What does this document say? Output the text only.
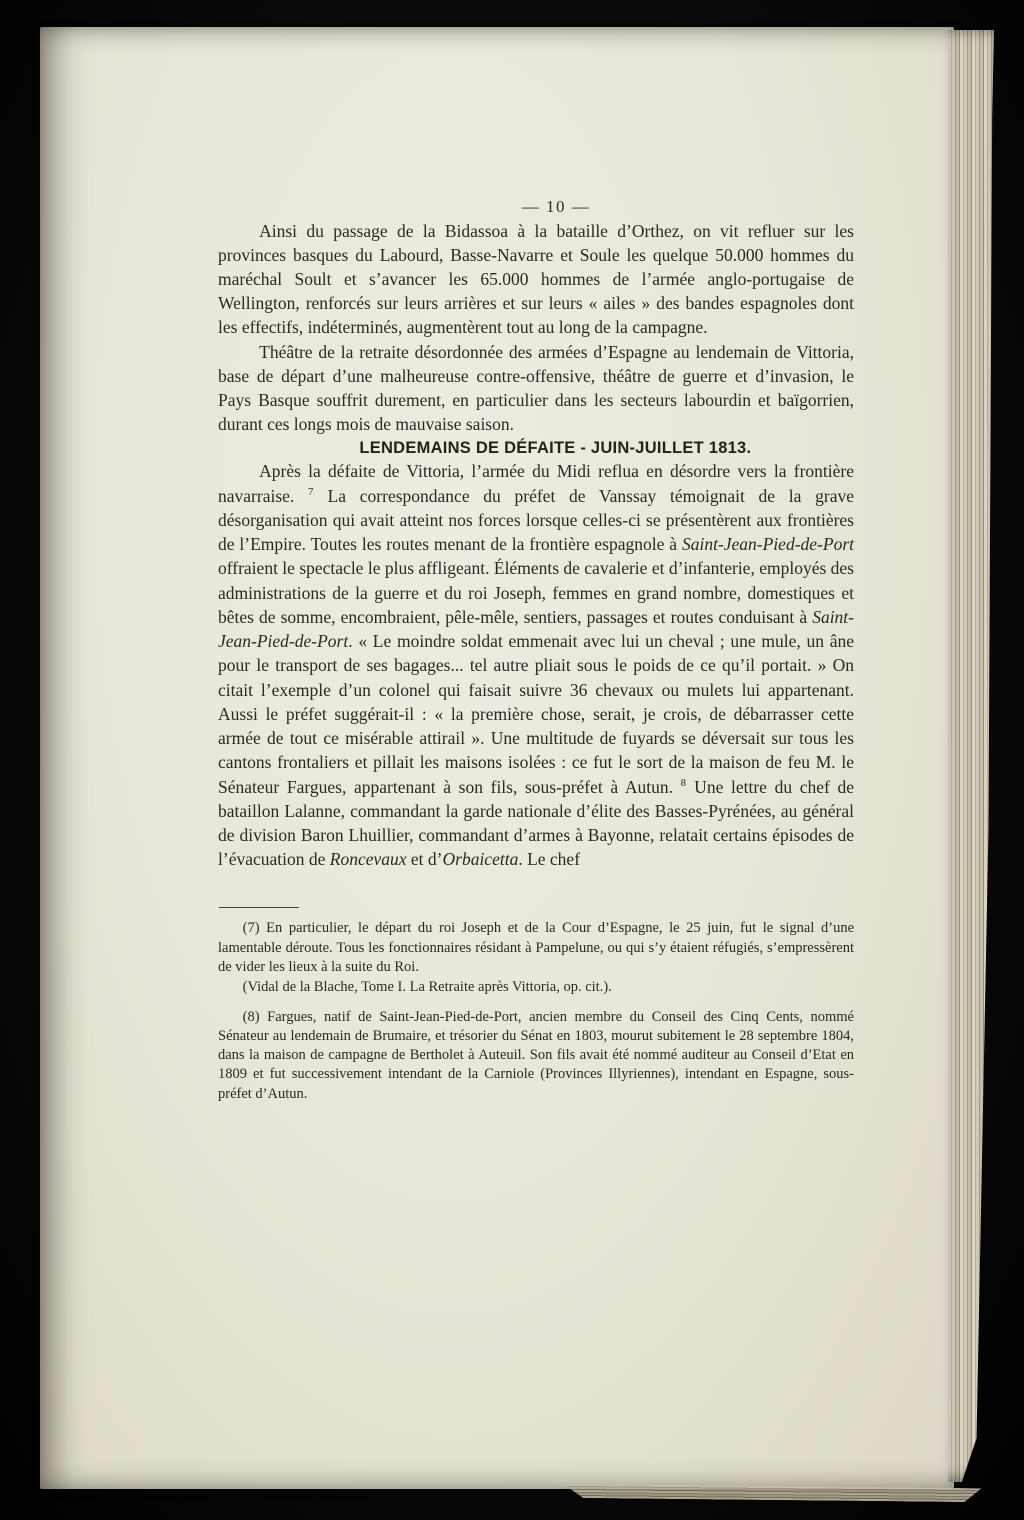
— 10 —

Ainsi du passage de la Bidassoa à la bataille d’Orthez, on vit refluer sur les provinces basques du Labourd, Basse-Navarre et Soule les quelque 50.000 hommes du maréchal Soult et s’avancer les 65.000 hommes de l’armée anglo-portugaise de Wellington, renforcés sur leurs arrières et sur leurs « ailes » des bandes espagnoles dont les effectifs, indéterminés, augmentèrent tout au long de la campagne.

Théâtre de la retraite désordonnée des armées d’Espagne au lendemain de Vittoria, base de départ d’une malheureuse contre-offensive, théâtre de guerre et d’invasion, le Pays Basque souffrit durement, en particulier dans les secteurs labourdin et baïgorrien, durant ces longs mois de mauvaise saison.

LENDEMAINS DE DÉFAITE - JUIN-JUILLET 1813.

Après la défaite de Vittoria, l’armée du Midi reflua en désordre vers la frontière navarraise. $^7$ La correspondance du préfet de Vanssay témoignait de la grave désorganisation qui avait atteint nos forces lorsque celles-ci se présentèrent aux frontières de l’Empire. Toutes les routes menant de la frontière espagnole à Saint-Jean-Pied-de-Port offraient le spectacle le plus affligeant. Éléments de cavalerie et d’infanterie, employés des administrations de la guerre et du roi Joseph, femmes en grand nombre, domestiques et bêtes de somme, encombraient, pêle-mêle, sentiers, passages et routes conduisant à Saint-Jean-Pied-de-Port. « Le moindre soldat emmenait avec lui un cheval ; une mule, un âne pour le transport de ses bagages... tel autre pliait sous le poids de ce qu’il portait. » On citait l’exemple d’un colonel qui faisait suivre 36 chevaux ou mulets lui appartenant. Aussi le préfet suggérait-il : « la première chose, serait, je crois, de débarrasser cette armée de tout ce misérable attirail ». Une multitude de fuyards se déversait sur tous les cantons frontaliers et pillait les maisons isolées : ce fut le sort de la maison de feu M. le Sénateur Fargues, appartenant à son fils, sous-préfet à Autun. $^8$ Une lettre du chef de bataillon Lalanne, commandant la garde nationale d’élite des Basses-Pyrénées, au général de division Baron Lhuillier, commandant d’armes à Bayonne, relatait certains épisodes de l’évacuation de Roncevaux et d’Orbaicetta. Le chef

(7) En particulier, le départ du roi Joseph et de la Cour d’Espagne, le 25 juin, fut le signal d’une lamentable déroute. Tous les fonctionnaires résidant à Pampelune, ou qui s’y étaient réfugiés, s’empressèrent de vider les lieux à la suite du Roi.

(Vidal de la Blache, Tome I. La Retraite après Vittoria, op. cit.).

(8) Fargues, natif de Saint-Jean-Pied-de-Port, ancien membre du Conseil des Cinq Cents, nommé Sénateur au lendemain de Brumaire, et trésorier du Sénat en 1803, mourut subitement le 28 septembre 1804, dans la maison de campagne de Bertholet à Auteuil. Son fils avait été nommé auditeur au Conseil d’Etat en 1809 et fut successivement intendant de la Carniole (Provinces Illyriennes), intendant en Espagne, sous-préfet d’Autun.
